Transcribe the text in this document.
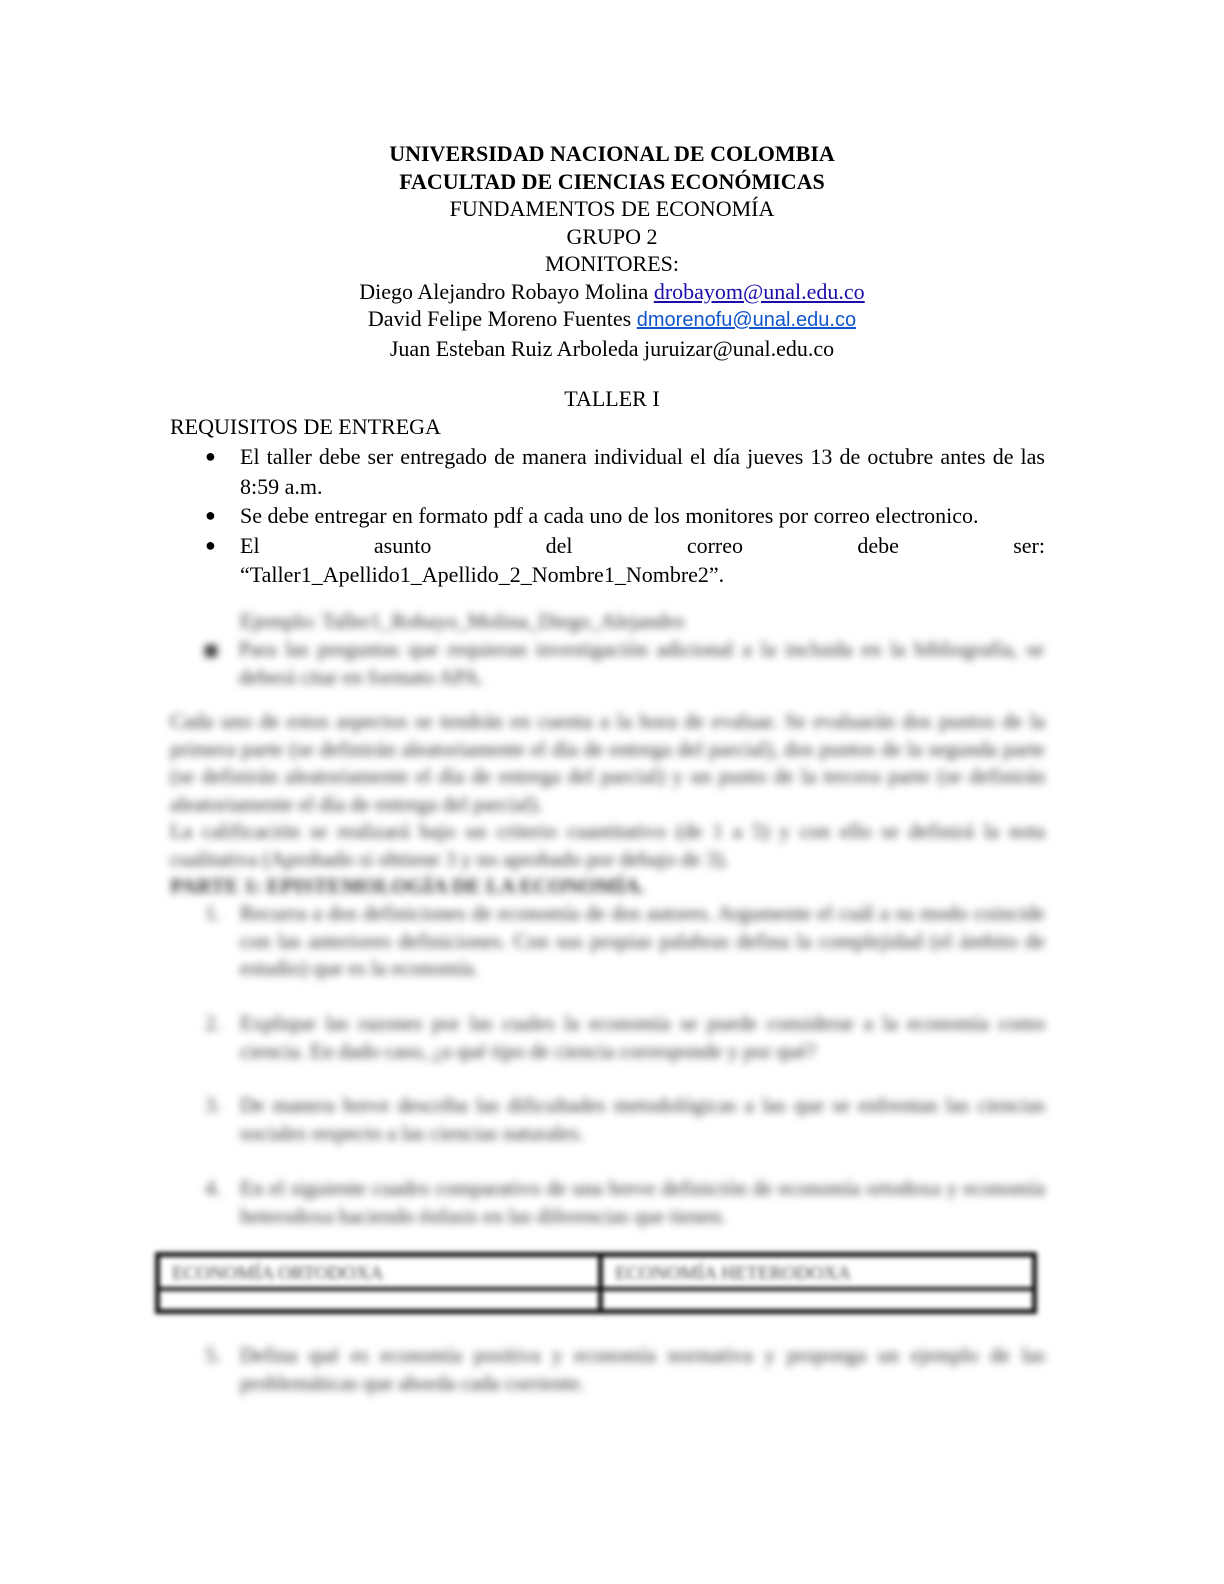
UNIVERSIDAD NACIONAL DE COLOMBIA
FACULTAD DE CIENCIAS ECONÓMICAS
FUNDAMENTOS DE ECONOMÍA
GRUPO 2
MONITORES:
Diego Alejandro Robayo Molina drobayom@unal.edu.co
David Felipe Moreno Fuentes dmorenofu@unal.edu.co
Juan Esteban Ruiz Arboleda juruizar@unal.edu.co
TALLER I
REQUISITOS DE ENTREGA
● El taller debe ser entregado de manera individual el día jueves 13 de octubre antes de las 8:59 a.m.
● Se debe entregar en formato pdf a cada uno de los monitores por correo electronico.
● El	asunto	del	correo	debe	ser:
“Taller1_Apellido1_Apellido_2_Nombre1_Nombre2”.
Ejemplo: Taller1_Robayo_Molina_Diego_Alejandro
Para las preguntas que requieran investigación adicional a la incluida en la bibliografía, se deberá citar en formato APA.
Cada uno de estos aspectos se tendrán en cuenta a la hora de evaluar. Se evaluarán dos puntos de la primera parte (se definirán aleatoriamente el día de entrega del parcial), dos puntos de la segunda parte (se definirán aleatoriamente el día de entrega del parcial) y un punto de la tercera parte (se definirán aleatoriamente el día de entrega del parcial).
La calificación se realizará bajo un criterio cuantitativo (de 1 a 5) y con ello se definirá la nota cualitativa (Aprobado si obtiene 3 y no aprobado por debajo de 3).
PARTE 1: EPISTEMOLOGÍA DE LA ECONOMÍA.
1. Recurra a dos definiciones de economía de dos autores. Argumente el cuál a su modo coincide con las anteriores definiciones. Con sus propias palabras defina la complejidad (el ámbito de estudio) que es la economía.
2. Explique las razones por las cuales la economía se puede considerar a la economía como ciencia. En dado caso, ¿a qué tipo de ciencia corresponde y por qué?
3. De manera breve describa las dificultades metodológicas a las que se enfrentan las ciencias sociales respecto a las ciencias naturales.
4. En el siguiente cuadro comparativo de una breve definición de economía ortodoxa y economía heterodoxa haciendo énfasis en las diferencias que tienen.
ECONOMÍA ORTODOXA	ECONOMÍA HETERODOXA
5. Defina qué es economía positiva y economía normativa y proponga un ejemplo de las problemáticas que aborda cada corriente.
